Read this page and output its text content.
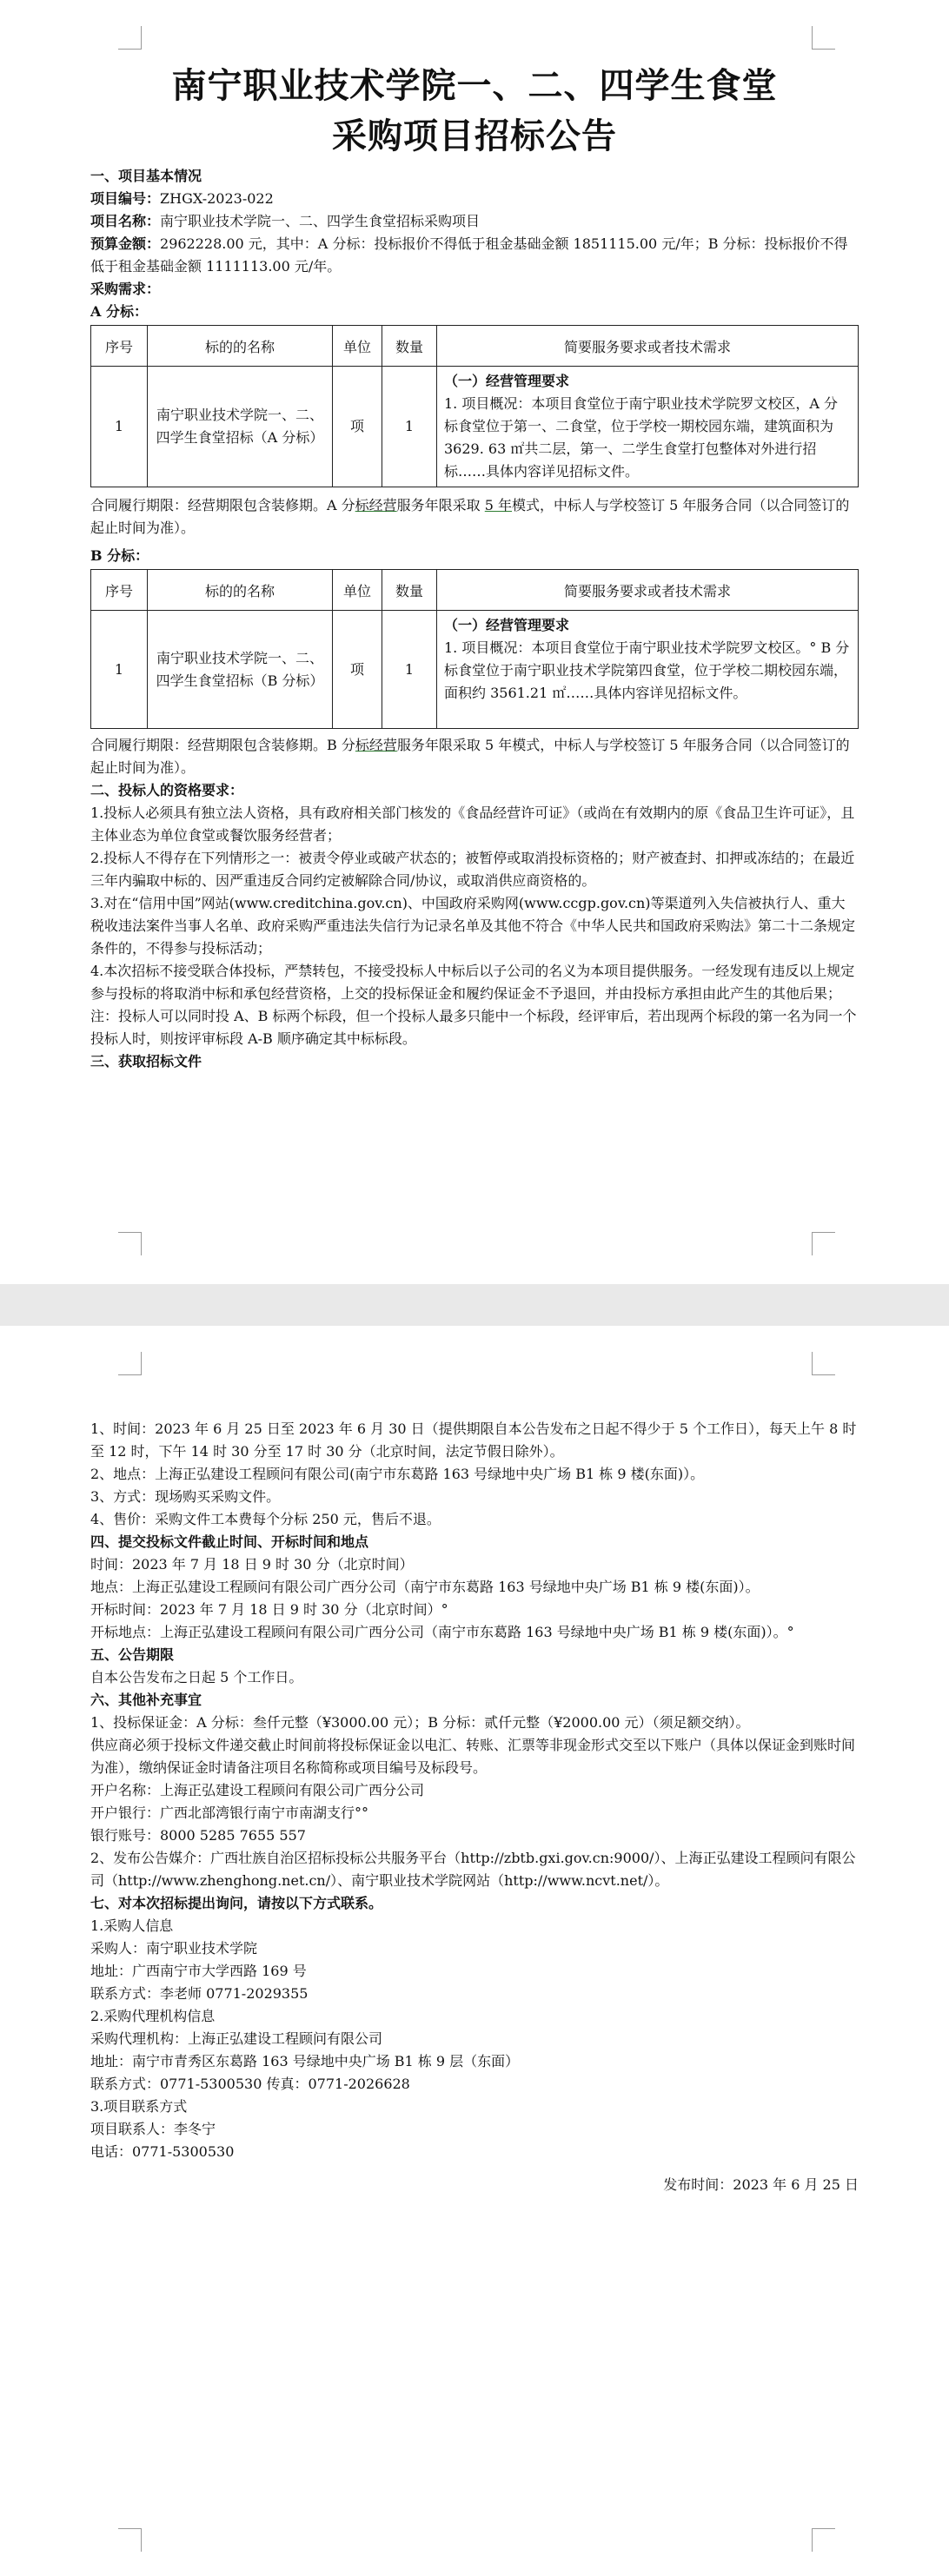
南宁职业技术学院一、二、四学生食堂
采购项目招标公告

一、项目基本情况

项目编号：ZHGX-2023-022

项目名称：南宁职业技术学院一、二、四学生食堂招标采购项目

预算金额：2962228.00 元，其中：A 分标：投标报价不得低于租金基础金额 1851115.00 元/年；B 分标：投标报价不得低于租金基础金额 1111113.00 元/年。

采购需求：

A 分标：

序号	标的的名称	单位	数量	简要服务要求或者技术需求
1	南宁职业技术学院一、二、四学生食堂招标（A 分标）	项	1	（一）经营管理要求
1. 项目概况：本项目食堂位于南宁职业技术学院罗文校区，A 分标食堂位于第一、二食堂，位于学校一期校园东端，建筑面积为 3629. 63 ㎡共二层，第一、二学生食堂打包整体对外进行招标……具体内容详见招标文件。

合同履行期限：经营期限包含装修期。A 分标经营服务年限采取 5 年模式，中标人与学校签订 5 年服务合同（以合同签订的起止时间为准）。

B 分标：

序号	标的的名称	单位	数量	简要服务要求或者技术需求
1	南宁职业技术学院一、二、四学生食堂招标（B 分标）	项	1	（一）经营管理要求
1. 项目概况：本项目食堂位于南宁职业技术学院罗文校区。° B 分标食堂位于南宁职业技术学院第四食堂，位于学校二期校园东端，面积约 3561.21 ㎡……具体内容详见招标文件。

合同履行期限：经营期限包含装修期。B 分标经营服务年限采取 5 年模式，中标人与学校签订 5 年服务合同（以合同签订的起止时间为准）。

二、投标人的资格要求：

1.投标人必须具有独立法人资格，具有政府相关部门核发的《食品经营许可证》（或尚在有效期内的原《食品卫生许可证》，且主体业态为单位食堂或餐饮服务经营者；

2.投标人不得存在下列情形之一：被责令停业或破产状态的；被暂停或取消投标资格的；财产被查封、扣押或冻结的；在最近三年内骗取中标的、因严重违反合同约定被解除合同/协议，或取消供应商资格的。

3.对在“信用中国”网站(www.creditchina.gov.cn)、中国政府采购网(www.ccgp.gov.cn)等渠道列入失信被执行人、重大税收违法案件当事人名单、政府采购严重违法失信行为记录名单及其他不符合《中华人民共和国政府采购法》第二十二条规定条件的，不得参与投标活动；

4.本次招标不接受联合体投标，严禁转包，不接受投标人中标后以子公司的名义为本项目提供服务。一经发现有违反以上规定参与投标的将取消中标和承包经营资格，上交的投标保证金和履约保证金不予退回，并由投标方承担由此产生的其他后果；

注：投标人可以同时投 A、B 标两个标段，但一个投标人最多只能中一个标段，经评审后，若出现两个标段的第一名为同一个投标人时，则按评审标段 A-B 顺序确定其中标标段。

三、获取招标文件

1、时间：2023 年 6 月 25 日至 2023 年 6 月 30 日（提供期限自本公告发布之日起不得少于 5 个工作日），每天上午 8 时至 12 时，下午 14 时 30 分至 17 时 30 分（北京时间，法定节假日除外）。

2、地点：上海正弘建设工程顾问有限公司(南宁市东葛路 163 号绿地中央广场 B1 栋 9 楼(东面)）。

3、方式：现场购买采购文件。

4、售价：采购文件工本费每个分标 250 元，售后不退。

四、提交投标文件截止时间、开标时间和地点

时间：2023 年 7 月 18 日 9 时 30 分（北京时间）

地点：上海正弘建设工程顾问有限公司广西分公司（南宁市东葛路 163 号绿地中央广场 B1 栋 9 楼(东面)）。

开标时间：2023 年 7 月 18 日 9 时 30 分（北京时间）°

开标地点：上海正弘建设工程顾问有限公司广西分公司（南宁市东葛路 163 号绿地中央广场 B1 栋 9 楼(东面)）。°

五、公告期限

自本公告发布之日起 5 个工作日。

六、其他补充事宜

1、投标保证金：A 分标：叁仟元整（¥3000.00 元）；B 分标：贰仟元整（¥2000.00 元）（须足额交纳）。

供应商必须于投标文件递交截止时间前将投标保证金以电汇、转账、汇票等非现金形式交至以下账户（具体以保证金到账时间为准），缴纳保证金时请备注项目名称简称或项目编号及标段号。

开户名称：上海正弘建设工程顾问有限公司广西分公司

开户银行：广西北部湾银行南宁市南湖支行°°

银行账号：8000 5285 7655 557

2、发布公告媒介：广西壮族自治区招标投标公共服务平台（http://zbtb.gxi.gov.cn:9000/）、上海正弘建设工程顾问有限公司（http://www.zhenghong.net.cn/）、南宁职业技术学院网站（http://www.ncvt.net/）。

七、对本次招标提出询问，请按以下方式联系。

1.采购人信息

采购人：南宁职业技术学院

地址：广西南宁市大学西路 169 号

联系方式：李老师 0771-2029355

2.采购代理机构信息

采购代理机构：上海正弘建设工程顾问有限公司

地址：南宁市青秀区东葛路 163 号绿地中央广场 B1 栋 9 层（东面）

联系方式：0771-5300530 传真：0771-2026628

3.项目联系方式

项目联系人：李冬宁

电话：0771-5300530

发布时间：2023 年 6 月 25 日
